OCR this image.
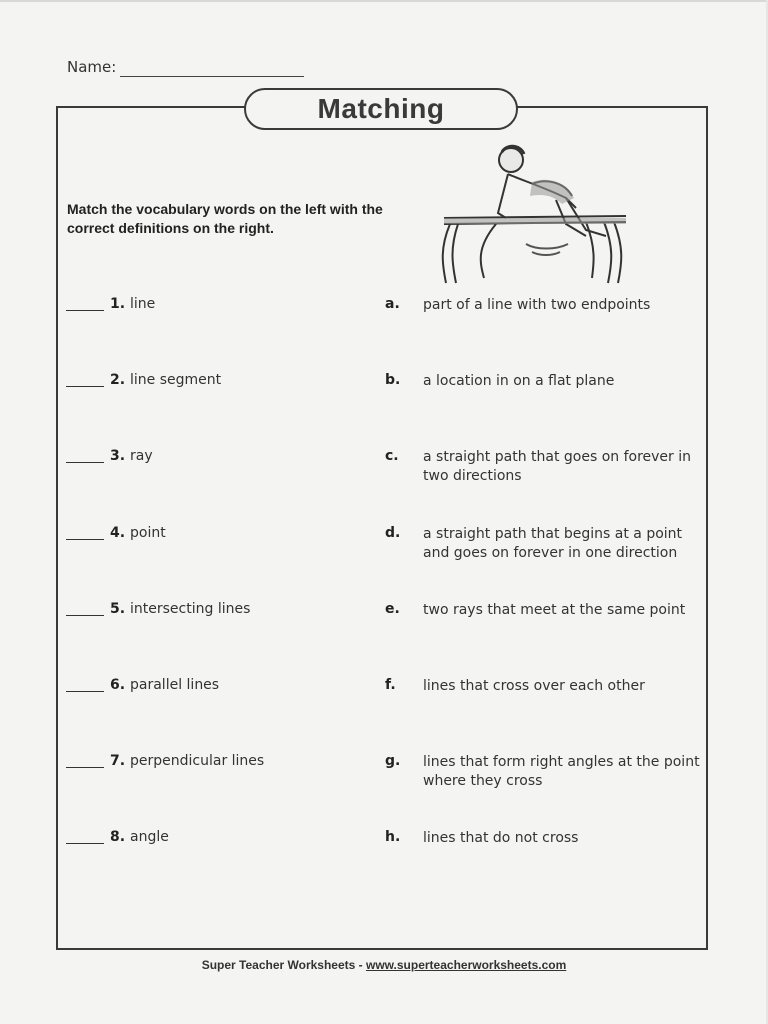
Name:
Matching
Match the vocabulary words on the left with the correct definitions on the right.
1. line	a. part of a line with two endpoints
2. line segment	b. a location in on a flat plane
3. ray	c. a straight path that goes on forever in two directions
4. point	d. a straight path that begins at a point and goes on forever in one direction
5. intersecting lines	e. two rays that meet at the same point
6. parallel lines	f. lines that cross over each other
7. perpendicular lines	g. lines that form right angles at the point where they cross
8. angle	h. lines that do not cross
Super Teacher Worksheets - www.superteacherworksheets.com
